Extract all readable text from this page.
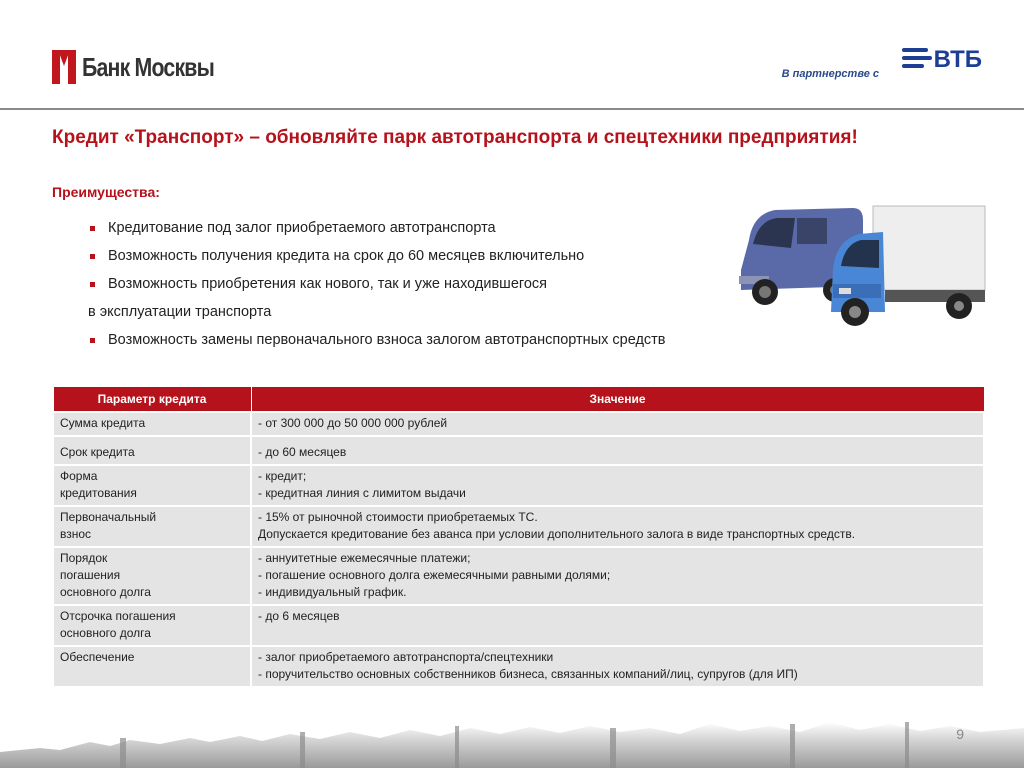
Банк Москвы	В партнерстве с
ВТБ
Кредит «Транспорт» – обновляйте парк автотранспорта и спецтехники предприятия!
Преимущества:
Кредитование под залог приобретаемого автотранспорта
Возможность получения кредита на срок до 60 месяцев включительно
Возможность приобретения как нового, так и уже находившегося
в эксплуатации транспорта
Возможность замены первоначального взноса залогом автотранспортных средств
Параметр кредита	Значение

Сумма кредита	- от 300 000 до 50 000 000 рублей

Срок кредита	- до 60 месяцев

Форма
кредитования	- кредит;
- кредитная линия с лимитом выдачи

Первоначальный
взнос	- 15% от рыночной стоимости приобретаемых ТС.
Допускается кредитование без аванса при условии дополнительного залога в виде транспортных средств.

Порядок
погашения
основного долга	- аннуитетные ежемесячные платежи;
- погашение основного долга ежемесячными равными долями;
- индивидуальный график.

Отсрочка погашения
основного долга	- до 6 месяцев

Обеспечение	- залог приобретаемого автотранспорта/спецтехники
- поручительство основных собственников бизнеса, связанных компаний/лиц, супругов (для ИП)
9
